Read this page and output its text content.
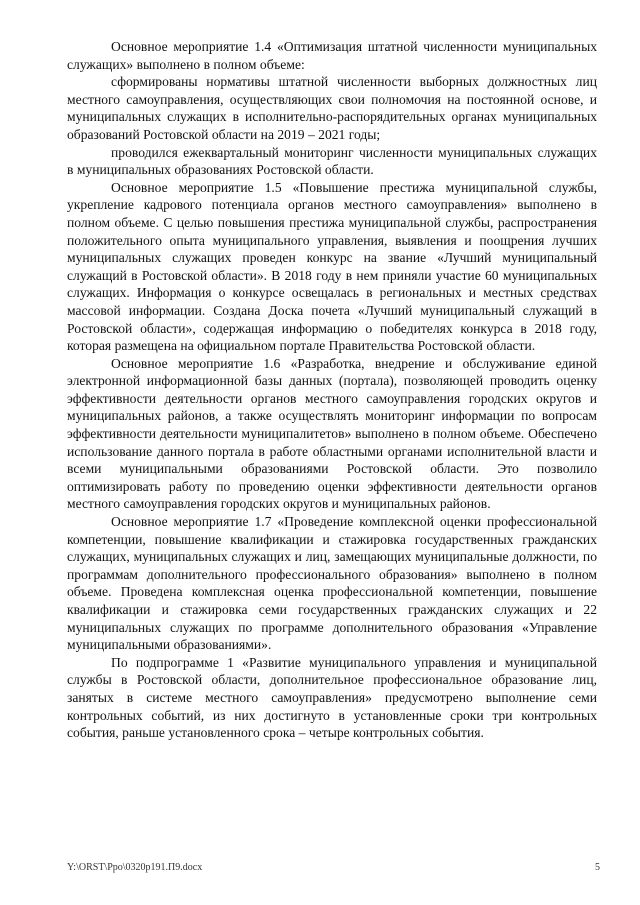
Основное мероприятие 1.4 «Оптимизация штатной численности муниципальных служащих» выполнено в полном объеме:

сформированы нормативы штатной численности выборных должностных лиц местного самоуправления, осуществляющих свои полномочия на постоянной основе, и муниципальных служащих в исполнительно-распорядительных органах муниципальных образований Ростовской области на 2019 – 2021 годы;

проводился ежеквартальный мониторинг численности муниципальных служащих в муниципальных образованиях Ростовской области.

Основное мероприятие 1.5 «Повышение престижа муниципальной службы, укрепление кадрового потенциала органов местного самоуправления» выполнено в полном объеме. С целью повышения престижа муниципальной службы, распространения положительного опыта муниципального управления, выявления и поощрения лучших муниципальных служащих проведен конкурс на звание «Лучший муниципальный служащий в Ростовской области». В 2018 году в нем приняли участие 60 муниципальных служащих. Информация о конкурсе освещалась в региональных и местных средствах массовой информации. Создана Доска почета «Лучший муниципальный служащий в Ростовской области», содержащая информацию о победителях конкурса в 2018 году, которая размещена на официальном портале Правительства Ростовской области.

Основное мероприятие 1.6 «Разработка, внедрение и обслуживание единой электронной информационной базы данных (портала), позволяющей проводить оценку эффективности деятельности органов местного самоуправления городских округов и муниципальных районов, а также осуществлять мониторинг информации по вопросам эффективности деятельности муниципалитетов» выполнено в полном объеме. Обеспечено использование данного портала в работе областными органами исполнительной власти и всеми муниципальными образованиями Ростовской области. Это позволило оптимизировать работу по проведению оценки эффективности деятельности органов местного самоуправления городских округов и муниципальных районов.

Основное мероприятие 1.7 «Проведение комплексной оценки профессиональной компетенции, повышение квалификации и стажировка государственных гражданских служащих, муниципальных служащих и лиц, замещающих муниципальные должности, по программам дополнительного профессионального образования» выполнено в полном объеме. Проведена комплексная оценка профессиональной компетенции, повышение квалификации и стажировка семи государственных гражданских служащих и 22 муниципальных служащих по программе дополнительного образования «Управление муниципальными образованиями».

По подпрограмме 1 «Развитие муниципального управления и муниципальной службы в Ростовской области, дополнительное профессиональное образование лиц, занятых в системе местного самоуправления» предусмотрено выполнение семи контрольных событий, из них достигнуто в установленные сроки три контрольных события, раньше установленного срока – четыре контрольных события.

Y:\ORST\Ppo\0320p191.П9.docx	5
